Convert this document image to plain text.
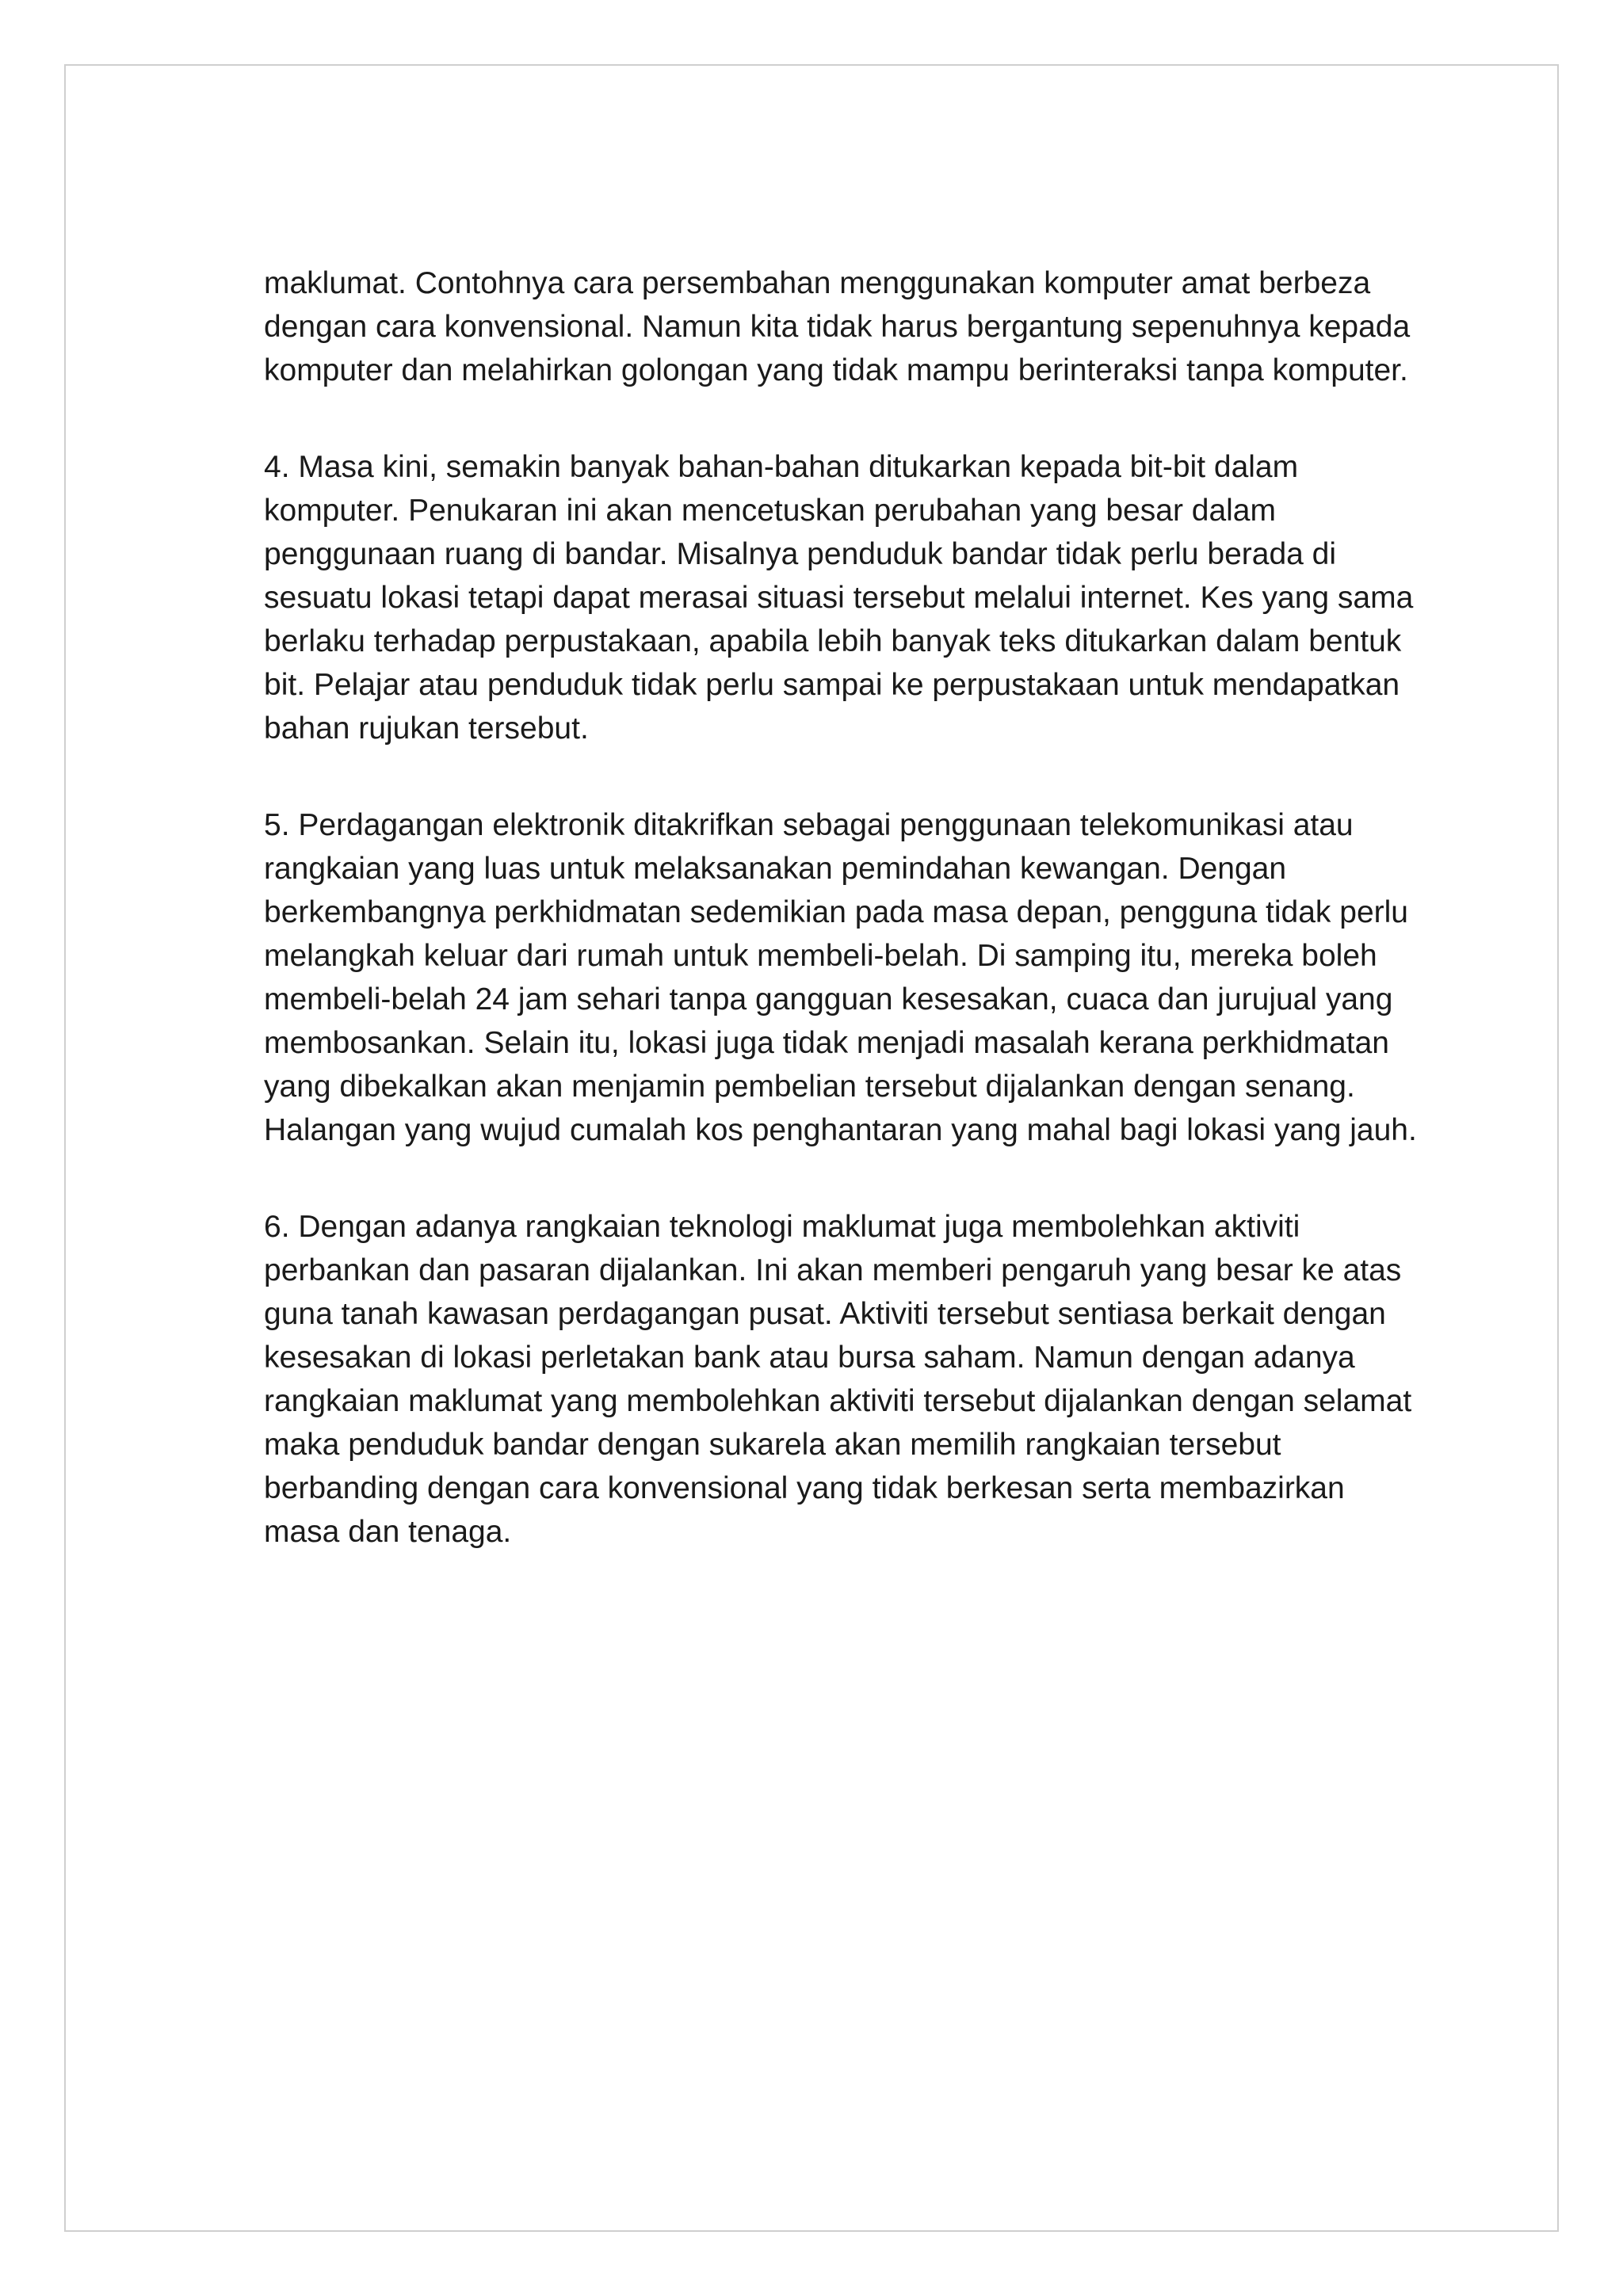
maklumat. Contohnya cara persembahan menggunakan komputer amat berbeza
dengan cara konvensional. Namun kita tidak harus bergantung sepenuhnya kepada
komputer dan melahirkan golongan yang tidak mampu berinteraksi tanpa komputer.

4. Masa kini, semakin banyak bahan-bahan ditukarkan kepada bit-bit dalam
komputer. Penukaran ini akan mencetuskan perubahan yang besar dalam
penggunaan ruang di bandar. Misalnya penduduk bandar tidak perlu berada di
sesuatu lokasi tetapi dapat merasai situasi tersebut melalui internet. Kes yang sama
berlaku terhadap perpustakaan, apabila lebih banyak teks ditukarkan dalam bentuk
bit. Pelajar atau penduduk tidak perlu sampai ke perpustakaan untuk mendapatkan
bahan rujukan tersebut.

5. Perdagangan elektronik ditakrifkan sebagai penggunaan telekomunikasi atau
rangkaian yang luas untuk melaksanakan pemindahan kewangan. Dengan
berkembangnya perkhidmatan sedemikian pada masa depan, pengguna tidak perlu
melangkah keluar dari rumah untuk membeli-belah. Di samping itu, mereka boleh
membeli-belah 24 jam sehari tanpa gangguan kesesakan, cuaca dan jurujual yang
membosankan. Selain itu, lokasi juga tidak menjadi masalah kerana perkhidmatan
yang dibekalkan akan menjamin pembelian tersebut dijalankan dengan senang.
Halangan yang wujud cumalah kos penghantaran yang mahal bagi lokasi yang jauh.

6. Dengan adanya rangkaian teknologi maklumat juga membolehkan aktiviti
perbankan dan pasaran dijalankan. Ini akan memberi pengaruh yang besar ke atas
guna tanah kawasan perdagangan pusat. Aktiviti tersebut sentiasa berkait dengan
kesesakan di lokasi perletakan bank atau bursa saham. Namun dengan adanya
rangkaian maklumat yang membolehkan aktiviti tersebut dijalankan dengan selamat
maka penduduk bandar dengan sukarela akan memilih rangkaian tersebut
berbanding dengan cara konvensional yang tidak berkesan serta membazirkan
masa dan tenaga.
